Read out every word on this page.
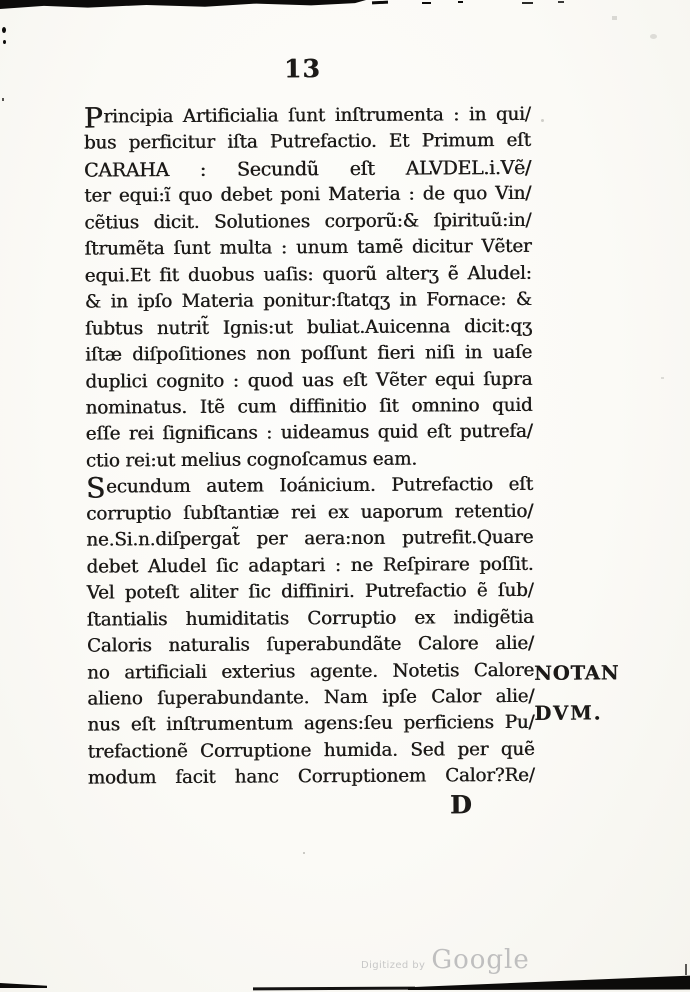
13
Principia Artificialia ſunt inſtrumenta : in qui/
bus perficitur iſta Putrefactio. Et Primum eſt
CARAHA : Secundũ eſt ALVDEL.i.Vẽ/
ter equi:ĩ quo debet poni Materia : de quo Vin/
cẽtius dicit. Solutiones corporũ:& ſpirituũ:in/
ſtrumẽta ſunt multa : unum tamẽ dicitur Vẽter
equi.Et fit duobus uaſis: quorũ alterʒ ẽ Aludel:
& in ipſo Materia ponitur:ſtatqʒ in Fornace: &
ſubtus nutrit̃ Ignis:ut buliat.Auicenna dicit:qʒ
iſtæ diſpoſitiones non poſſunt fieri niſi in uaſe
duplici cognito : quod uas eſt Vẽter equi ſupra
nominatus. Itẽ cum diffinitio ſit omnino quid
eſſe rei ſignificans : uideamus quid eſt putrefa/
ctio rei:ut melius cognoſcamus eam.
Secundum autem Ioánicium. Putrefactio eſt
corruptio ſubſtantiæ rei ex uaporum retentio/
ne.Si.n.diſpergat̃ per aera:non putrefit.Quare
debet Aludel ſic adaptari : ne Reſpirare poſſit.
Vel poteſt aliter ſic diffiniri. Putrefactio ẽ ſub/
ſtantialis humiditatis Corruptio ex indigẽtia
Caloris naturalis ſuperabundãte Calore alie/
no artificiali exterius agente. Notetis Calore
alieno ſuperabundante. Nam ipſe Calor alie/
nus eſt inſtrumentum agens:ſeu perficiens Pu/
trefactionẽ Corruptione humida. Sed per quẽ
modum facit hanc Corruptionem Calor?Re/
NOTAN
DVM.
D
Digitized by Google
